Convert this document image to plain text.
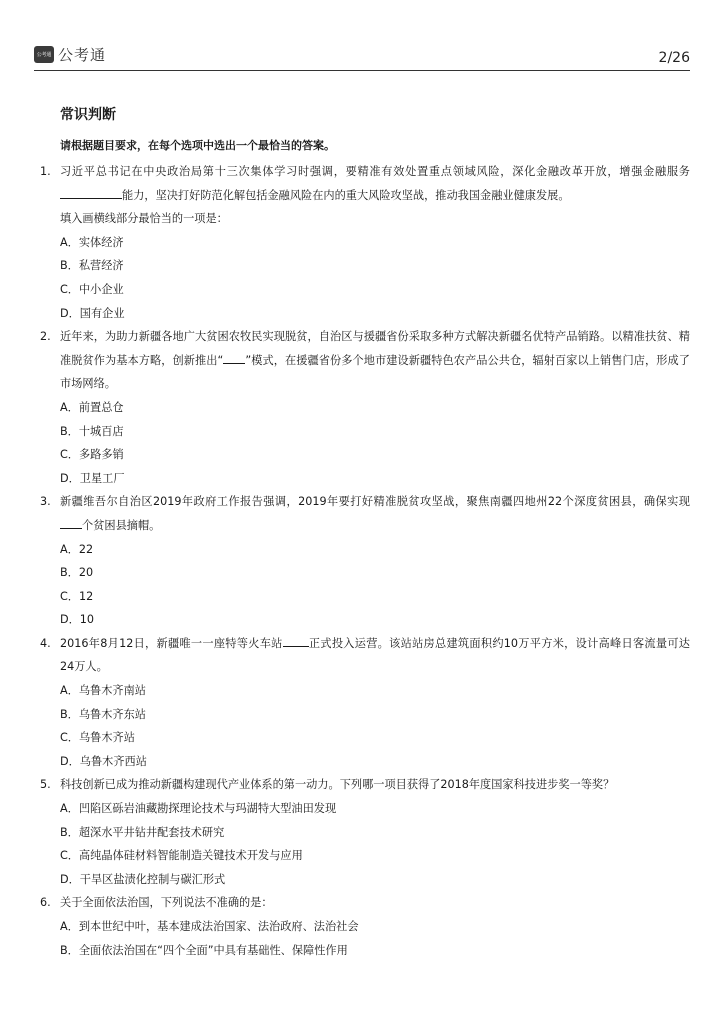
公考通 公考通	2/26
常识判断
请根据题目要求，在每个选项中选出一个最恰当的答案。
1. 习近平总书记在中央政治局第十三次集体学习时强调，要精准有效处置重点领域风险，深化金融改革开放，增强金融服务能力，坚决打好防范化解包括金融风险在内的重大风险攻坚战，推动我国金融业健康发展。
填入画横线部分最恰当的一项是：
A．实体经济
B．私营经济
C．中小企业
D．国有企业
2. 近年来，为助力新疆各地广大贫困农牧民实现脱贫，自治区与援疆省份采取多种方式解决新疆名优特产品销路。以精准扶贫、精准脱贫作为基本方略，创新推出“ ”模式，在援疆省份多个地市建设新疆特色农产品公共仓，辐射百家以上销售门店，形成了市场网络。
A．前置总仓
B．十城百店
C．多路多销
D．卫星工厂
3. 新疆维吾尔自治区2019年政府工作报告强调，2019年要打好精准脱贫攻坚战，聚焦南疆四地州22个深度贫困县，确保实现个贫困县摘帽。
A．22
B．20
C．12
D．10
4. 2016年8月12日，新疆唯一一座特等火车站 正式投入运营。该站站房总建筑面积约10万平方米，设计高峰日客流量可达24万人。
A．乌鲁木齐南站
B．乌鲁木齐东站
C．乌鲁木齐站
D．乌鲁木齐西站
5. 科技创新已成为推动新疆构建现代产业体系的第一动力。下列哪一项目获得了2018年度国家科技进步奖一等奖？
A．凹陷区砾岩油藏勘探理论技术与玛湖特大型油田发现
B．超深水平井钻井配套技术研究
C．高纯晶体硅材料智能制造关键技术开发与应用
D．干旱区盐渍化控制与碳汇形式
6. 关于全面依法治国，下列说法不准确的是：
A．到本世纪中叶，基本建成法治国家、法治政府、法治社会
B．全面依法治国在“四个全面”中具有基础性、保障性作用
